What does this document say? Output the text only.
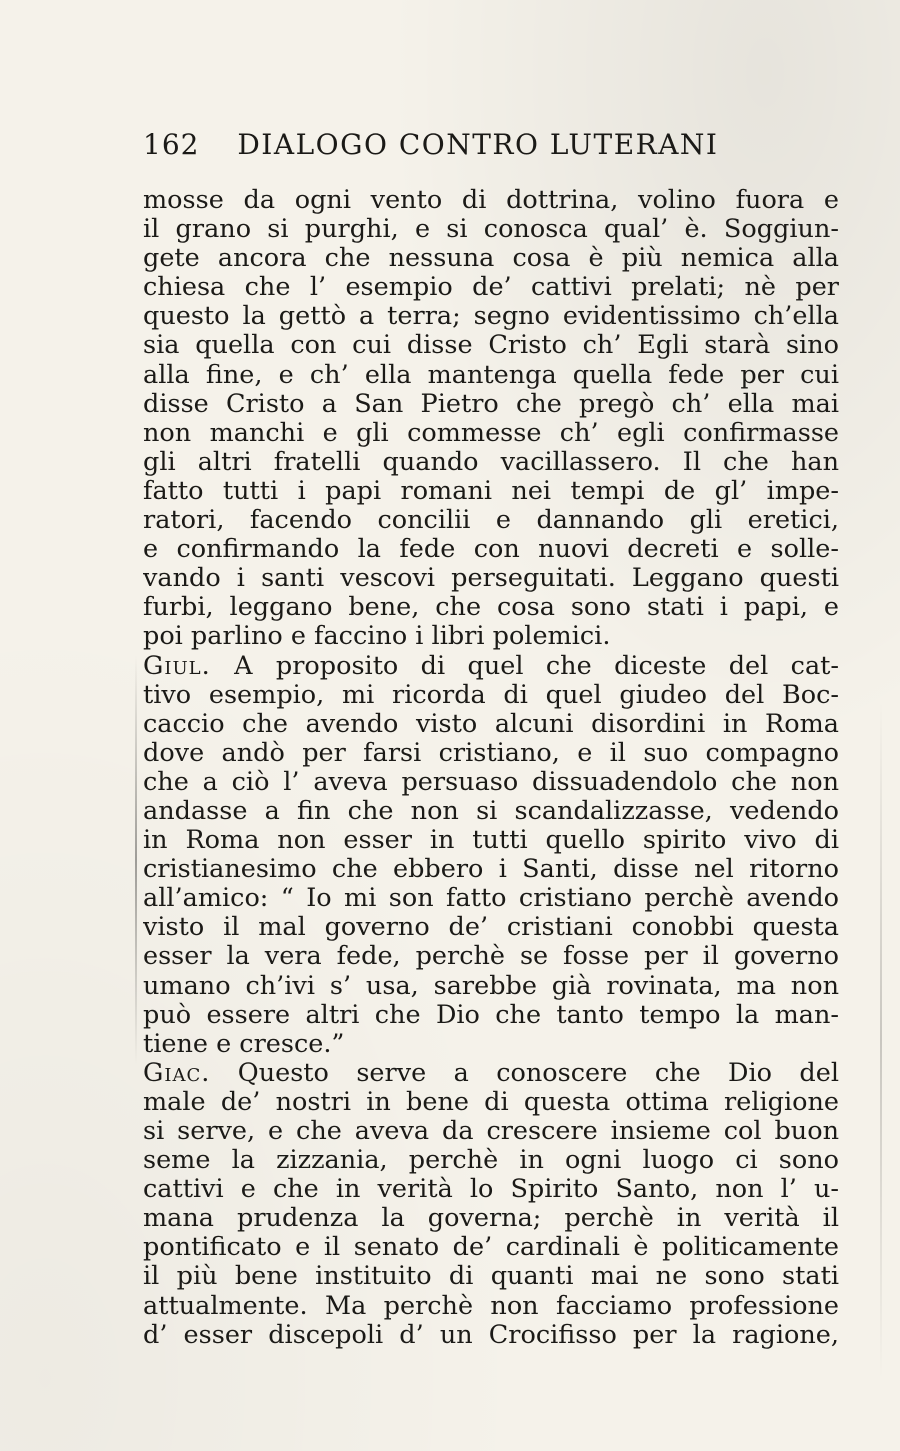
162 DIALOGO CONTRO LUTERANI
mosse da ogni vento di dottrina, volino fuora e
il grano si purghi, e si conosca qual’ è. Soggiun-
gete ancora che nessuna cosa è più nemica alla
chiesa che l’ esempio de’ cattivi prelati; nè per
questo la gettò a terra; segno evidentissimo ch’ella
sia quella con cui disse Cristo ch’ Egli starà sino
alla fine, e ch’ ella mantenga quella fede per cui
disse Cristo a San Pietro che pregò ch’ ella mai
non manchi e gli commesse ch’ egli confirmasse
gli altri fratelli quando vacillassero. Il che han
fatto tutti i papi romani nei tempi de gl’ impe-
ratori, facendo concilii e dannando gli eretici,
e confirmando la fede con nuovi decreti e solle-
vando i santi vescovi perseguitati. Leggano questi
furbi, leggano bene, che cosa sono stati i papi, e
poi parlino e faccino i libri polemici.
Giul. A proposito di quel che diceste del cat-
tivo esempio, mi ricorda di quel giudeo del Boc-
caccio che avendo visto alcuni disordini in Roma
dove andò per farsi cristiano, e il suo compagno
che a ciò l’ aveva persuaso dissuadendolo che non
andasse a fin che non si scandalizzasse, vedendo
in Roma non esser in tutti quello spirito vivo di
cristianesimo che ebbero i Santi, disse nel ritorno
all’amico: “ Io mi son fatto cristiano perchè avendo
visto il mal governo de’ cristiani conobbi questa
esser la vera fede, perchè se fosse per il governo
umano ch’ivi s’ usa, sarebbe già rovinata, ma non
può essere altri che Dio che tanto tempo la man-
tiene e cresce.”
Giac. Questo serve a conoscere che Dio del
male de’ nostri in bene di questa ottima religione
si serve, e che aveva da crescere insieme col buon
seme la zizzania, perchè in ogni luogo ci sono
cattivi e che in verità lo Spirito Santo, non l’ u-
mana prudenza la governa; perchè in verità il
pontificato e il senato de’ cardinali è politicamente
il più bene instituito di quanti mai ne sono stati
attualmente. Ma perchè non facciamo professione
d’ esser discepoli d’ un Crocifisso per la ragione,
